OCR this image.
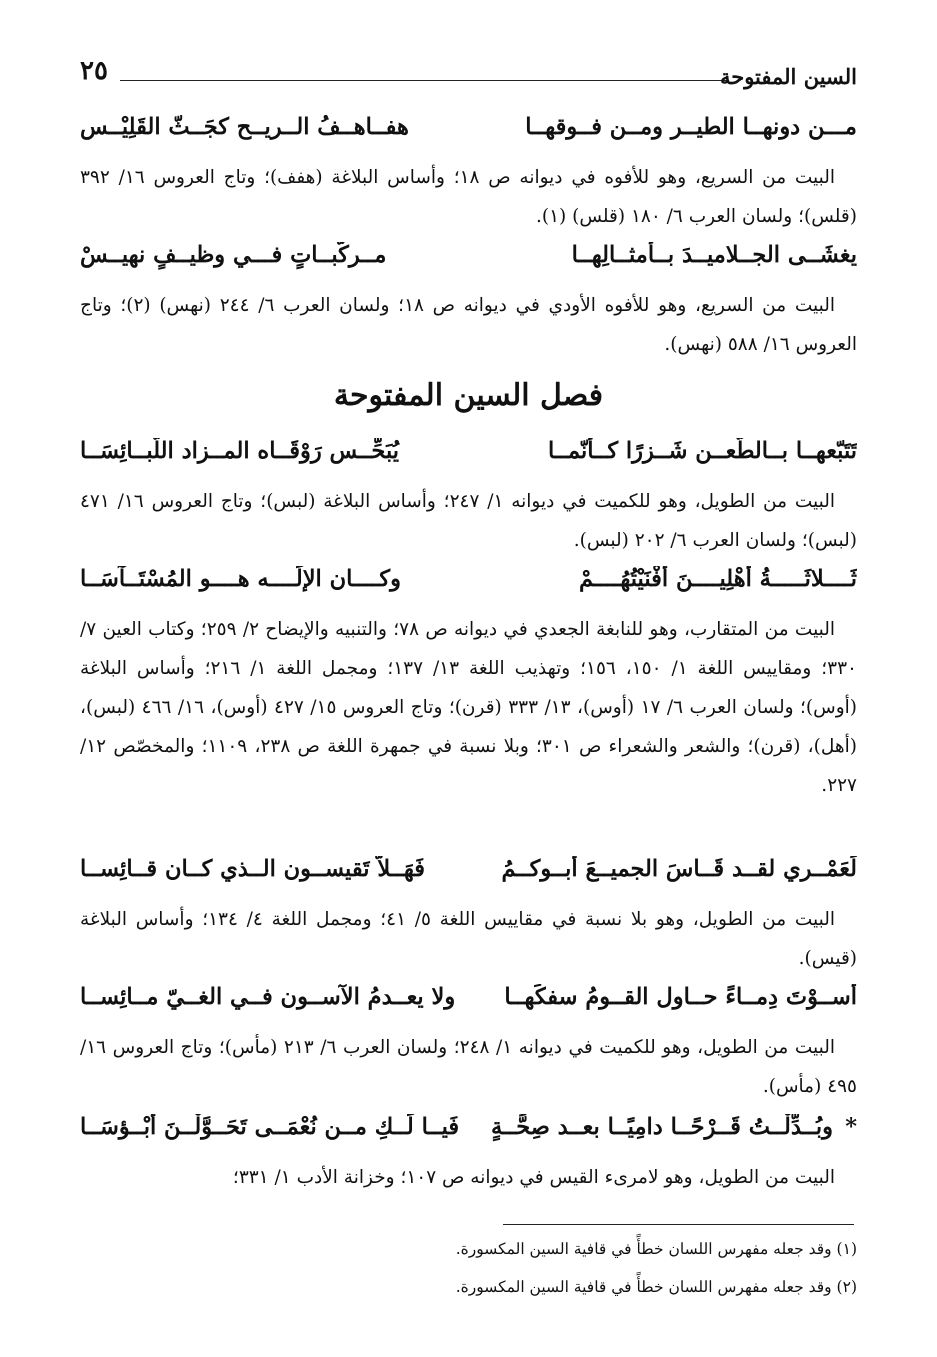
٢٥	السين المفتوحة
مـــن دونهــا الطيــر ومــن فــوقهــا
هفــاهــفُ الــريــح كجَــثّ القَلِيْــس
البيت من السريع، وهو للأفوه في ديوانه ص ١٨؛ وأساس البلاغة (هفف)؛ وتاج العروس ١٦/ ٣٩٢ (قلس)؛ ولسان العرب ٦/ ١٨٠ (قلس) (١).
يغشَــى الجــلاميــدَ بــأمثــالِهــا
مــركّبــاتٍ فـــي وظيــفٍ نهيــسْ
البيت من السريع، وهو للأفوه الأودي في ديوانه ص ١٨؛ ولسان العرب ٦/ ٢٤٤ (نهس) (٢)؛ وتاج العروس ١٦/ ٥٨٨ (نهس).
فصل السين المفتوحة
تَتَبّعهــا بــالطّعــن شَــزرًا كــأنّمــا
يُبَحِّــس رَوْقَــاه المــزاد اللَّبــائِسَــا
البيت من الطويل، وهو للكميت في ديوانه ١/ ٢٤٧؛ وأساس البلاغة (لبس)؛ وتاج العروس ١٦/ ٤٧١ (لبس)؛ ولسان العرب ٦/ ٢٠٢ (لبس).
ثَــــلاثَـــــةُ أَهْلِيــــنَ أَفْنَيْتُهُــــمْ
وكــــان الإلَــــه هــــو المُسْتَــآسَــا
البيت من المتقارب، وهو للنابغة الجعدي في ديوانه ص ٧٨؛ والتنبيه والإيضاح ٢/ ٢٥٩؛ وكتاب العين ٧/ ٣٣٠؛ ومقاييس اللغة ١/ ١٥٠، ١٥٦؛ وتهذيب اللغة ١٣/ ١٣٧؛ ومجمل اللغة ١/ ٢١٦؛ وأساس البلاغة (أوس)؛ ولسان العرب ٦/ ١٧ (أوس)، ١٣/ ٣٣٣ (قرن)؛ وتاج العروس ١٥/ ٤٢٧ (أوس)، ١٦/ ٤٦٦ (لبس)، (أهل)، (قرن)؛ والشعر والشعراء ص ٣٠١؛ وبلا نسبة في جمهرة اللغة ص ٢٣٨، ١١٠٩؛ والمخصّص ١٢/ ٢٢٧.
لَعَمْــري لقــد قَــاسَ الجميــعَ أبــوكــمُ
فَهَــلاّ تَقيســون الــذي كــان قــائِســا
البيت من الطويل، وهو بلا نسبة في مقاييس اللغة ٥/ ٤١؛ ومجمل اللغة ٤/ ١٣٤؛ وأساس البلاغة (قيس).
أَســوْتَ دِمــاءً حــاول القــومُ سفكَهــا
ولا يعــدمُ الآســون فــي الغــيّ مــائِســا
البيت من الطويل، وهو للكميت في ديوانه ١/ ٢٤٨؛ ولسان العرب ٦/ ٢١٣ (مأس)؛ وتاج العروس ١٦/ ٤٩٥ (مأس).
*
وبُــدِّلْــتُ قَــرْحًــا دامِيًــا بعــد صِحَّــةٍ
فَيــا لَــكِ مــن نُعْمَــى تَحَــوَّلْــنَ أَبْــؤسَــا
البيت من الطويل، وهو لامرىء القيس في ديوانه ص ١٠٧؛ وخزانة الأدب ١/ ٣٣١؛
(١) وقد جعله مفهرس اللسان خطأً في قافية السين المكسورة.
(٢) وقد جعله مفهرس اللسان خطأً في قافية السين المكسورة.
